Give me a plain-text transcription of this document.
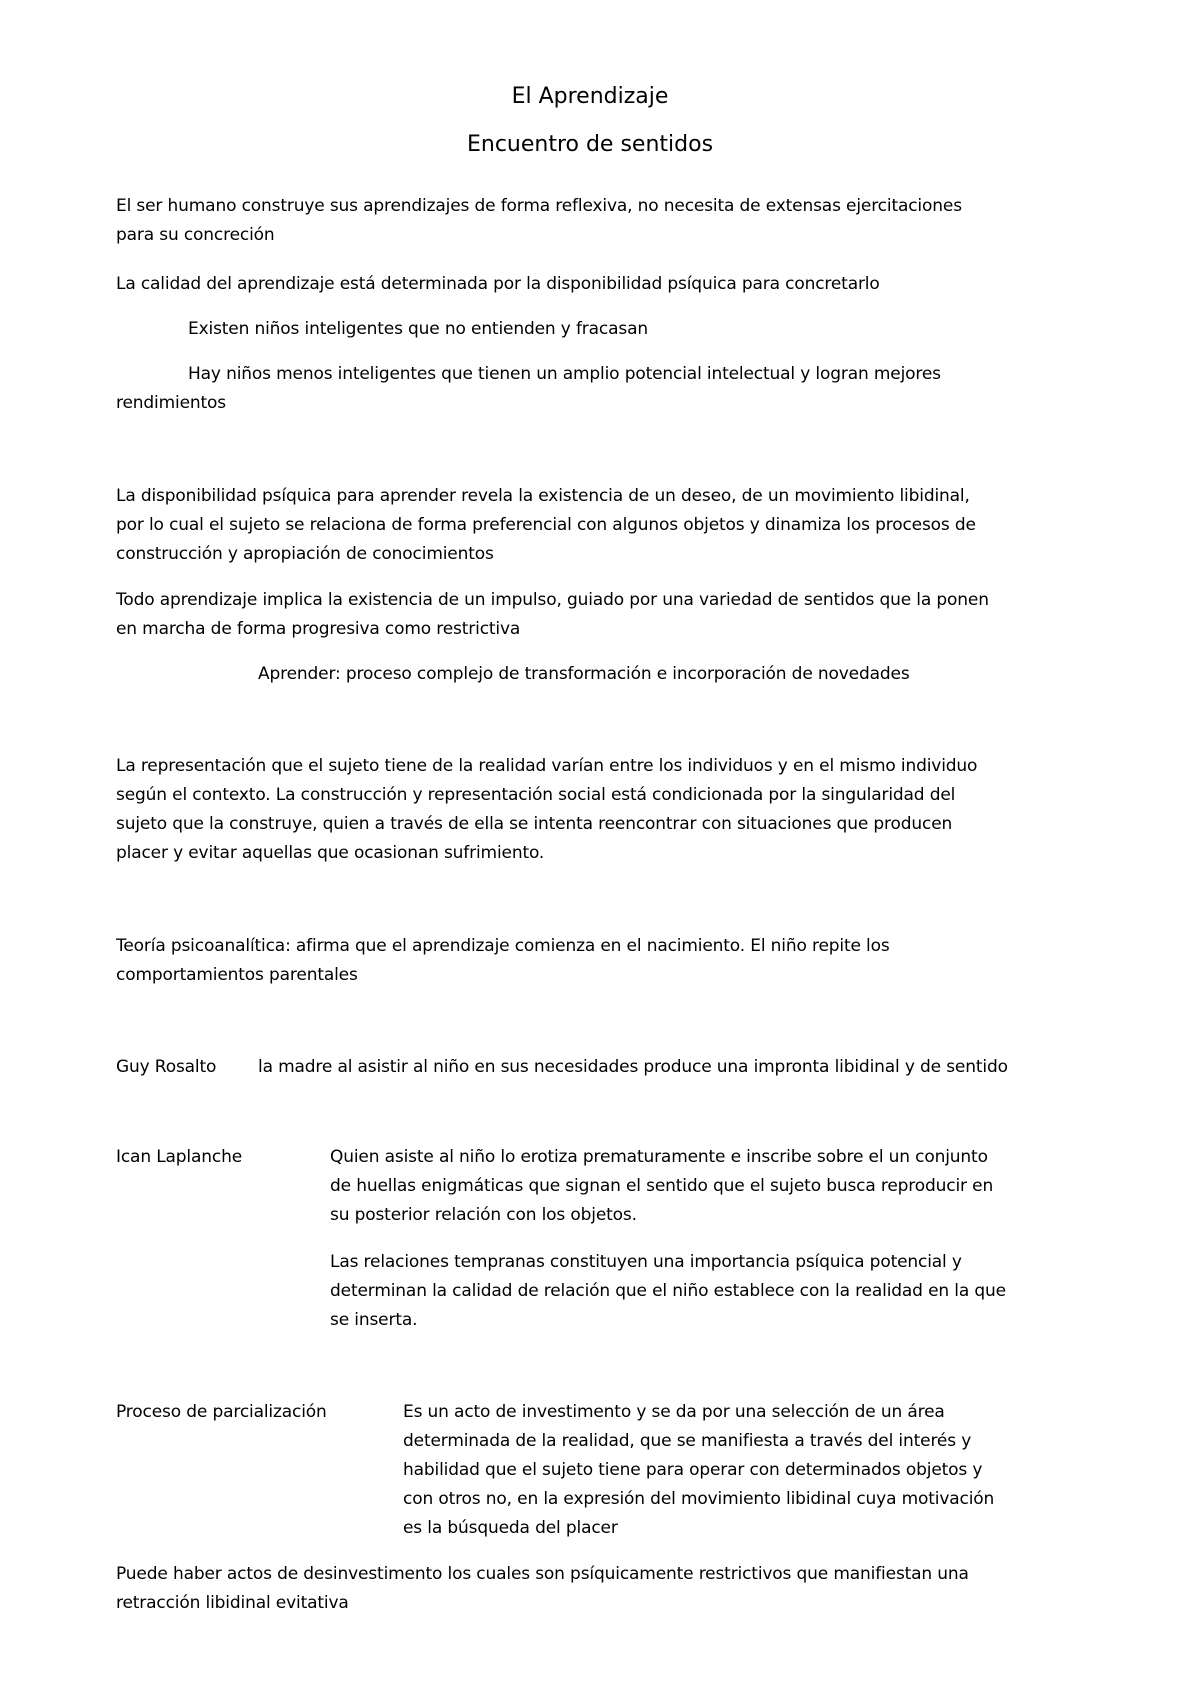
El Aprendizaje
Encuentro de sentidos
El ser humano construye sus aprendizajes de forma reflexiva, no necesita de extensas ejercitaciones
para su concreción
La calidad del aprendizaje está determinada por la disponibilidad psíquica para concretarlo
Existen niños inteligentes que no entienden y fracasan
Hay niños menos inteligentes que tienen un amplio potencial intelectual y logran mejores
rendimientos
La disponibilidad psíquica para aprender revela la existencia de un deseo, de un movimiento libidinal,
por lo cual el sujeto se relaciona de forma preferencial con algunos objetos y dinamiza los procesos de
construcción y apropiación de conocimientos
Todo aprendizaje implica la existencia de un impulso, guiado por una variedad de sentidos que la ponen
en marcha de forma progresiva como restrictiva
Aprender: proceso complejo de transformación e incorporación de novedades
La representación que el sujeto tiene de la realidad varían entre los individuos y en el mismo individuo
según el contexto. La construcción y representación social está condicionada por la singularidad del
sujeto que la construye, quien a través de ella se intenta reencontrar con situaciones que producen
placer y evitar aquellas que ocasionan sufrimiento.
Teoría psicoanalítica: afirma que el aprendizaje comienza en el nacimiento. El niño repite los
comportamientos parentales
Guy Rosalto la madre al asistir al niño en sus necesidades produce una impronta libidinal y de sentido
Ican Laplanche	Quien asiste al niño lo erotiza prematuramente e inscribe sobre el un conjunto
de huellas enigmáticas que signan el sentido que el sujeto busca reproducir en
su posterior relación con los objetos.
Las relaciones tempranas constituyen una importancia psíquica potencial y
determinan la calidad de relación que el niño establece con la realidad en la que
se inserta.
Proceso de parcialización	Es un acto de investimento y se da por una selección de un área
determinada de la realidad, que se manifiesta a través del interés y
habilidad que el sujeto tiene para operar con determinados objetos y
con otros no, en la expresión del movimiento libidinal cuya motivación
es la búsqueda del placer
Puede haber actos de desinvestimento los cuales son psíquicamente restrictivos que manifiestan una
retracción libidinal evitativa
